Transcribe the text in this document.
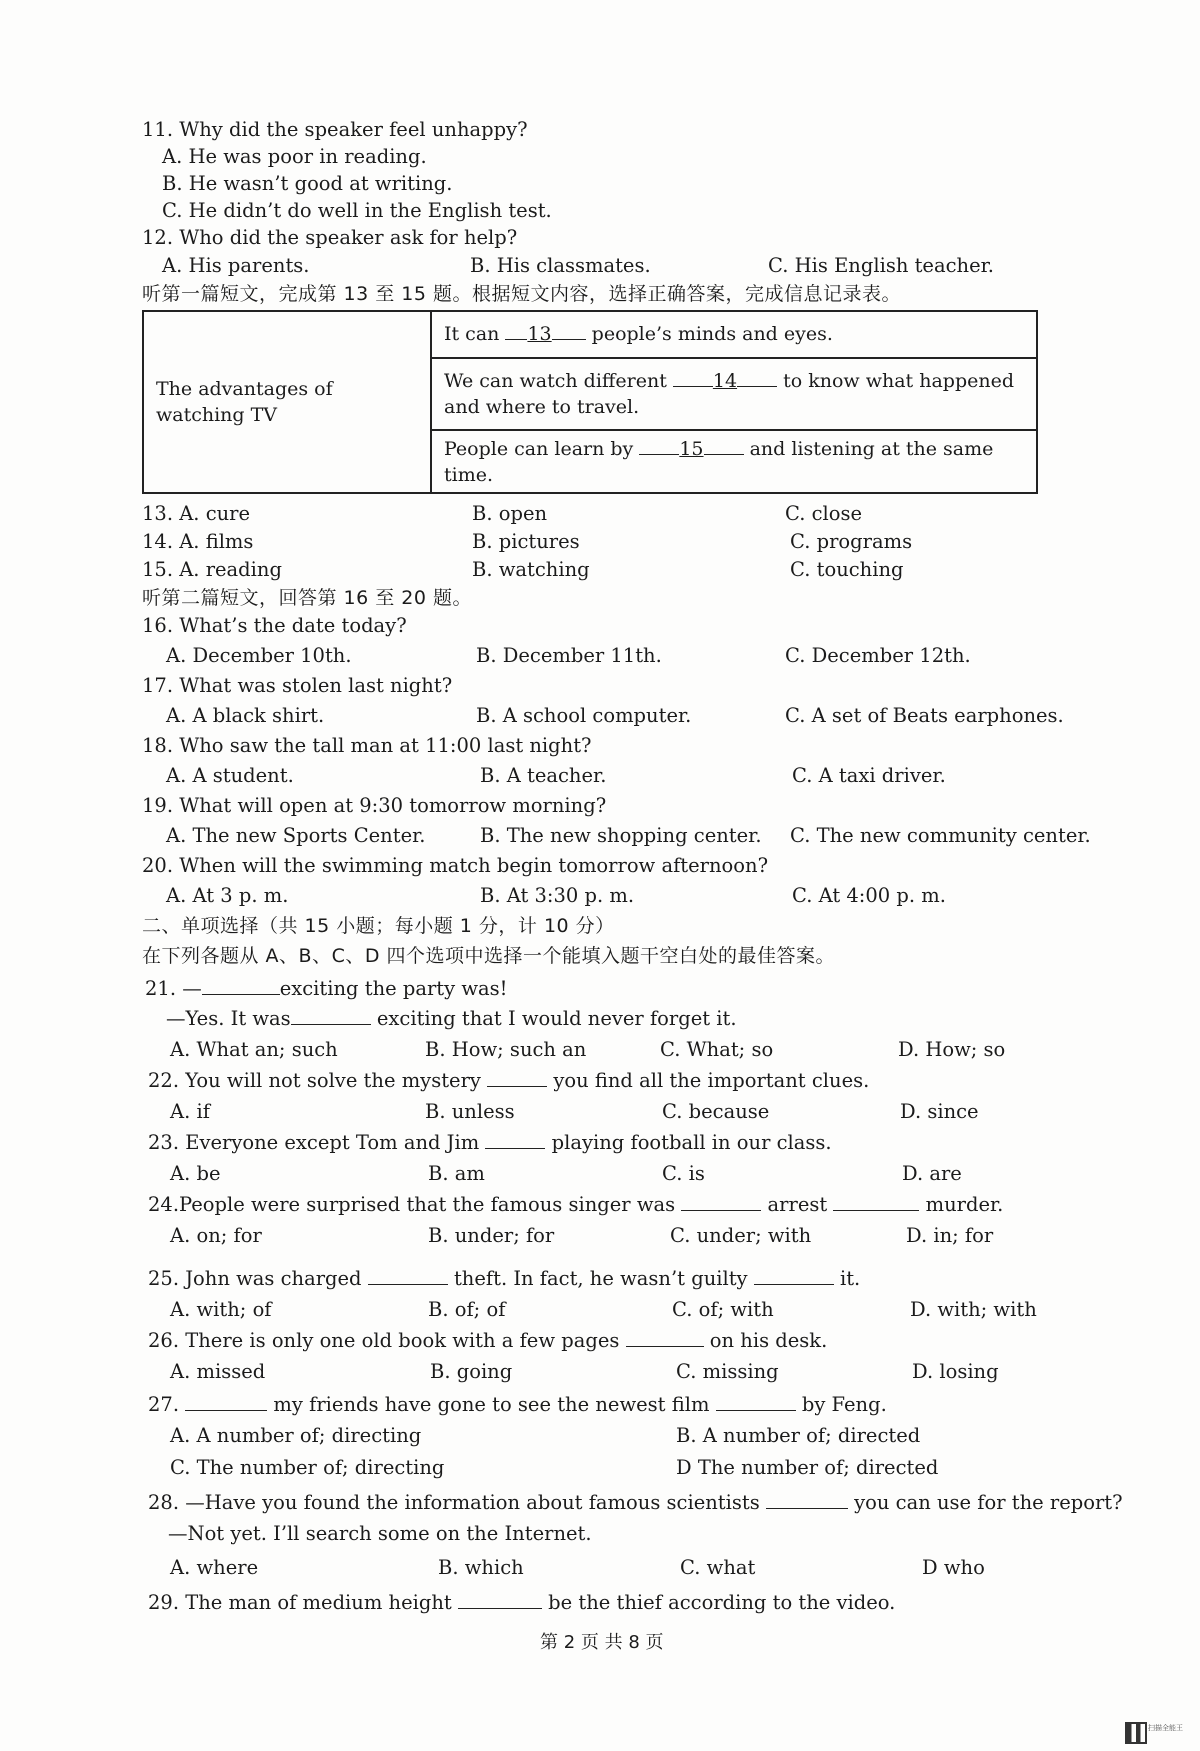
11. Why did the speaker feel unhappy?
A. He was poor in reading.
B. He wasn’t good at writing.
C. He didn’t do well in the English test.
12. Who did the speaker ask for help?
A. His parents.	B. His classmates.	C. His English teacher.
听第一篇短文，完成第 13 至 15 题。根据短文内容，选择正确答案，完成信息记录表。
The advantages of watching TV	It can 13 people’s minds and eyes.
We can watch different 14 to know what happened and where to travel.
People can learn by 15 and listening at the same time.
13. A. cure	B. open	C. close
14. A. films	B. pictures	C. programs
15. A. reading	B. watching	C. touching
听第二篇短文，回答第 16 至 20 题。
16. What’s the date today?
A. December 10th.	B. December 11th.	C. December 12th.
17. What was stolen last night?
A. A black shirt.	B. A school computer.	C. A set of Beats earphones.
18. Who saw the tall man at 11:00 last night?
A. A student.	B. A teacher.	C. A taxi driver.
19. What will open at 9:30 tomorrow morning?
A. The new Sports Center.	B. The new shopping center. C. The new community center.
20. When will the swimming match begin tomorrow afternoon?
A. At 3 p. m.	B. At 3:30 p. m.	C. At 4:00 p. m.
二、单项选择（共 15 小题；每小题 1 分，计 10 分）
在下列各题从 A、B、C、D 四个选项中选择一个能填入题干空白处的最佳答案。
21. —	exciting the party was!
—Yes. It was	exciting that I would never forget it.
A. What an; such	B. How; such an	C. What; so	D. How; so
22. You will not solve the mystery	you find all the important clues.
A. if	B. unless	C. because	D. since
23. Everyone except Tom and Jim	playing football in our class.
A. be	B. am	C. is	D. are
24.People were surprised that the famous singer was	arrest	murder.
A. on; for	B. under; for	C. under; with	D. in; for
25. John was charged	theft. In fact, he wasn’t guilty	it.
A. with; of	B. of; of	C. of; with	D. with; with
26. There is only one old book with a few pages	on his desk.
A. missed	B. going	C. missing	D. losing
27.	my friends have gone to see the newest film	by Feng.
A. A number of; directing	B. A number of; directed
C. The number of; directing	D The number of; directed
28. —Have you found the information about famous scientists	you can use for the report?
—Not yet. I’ll search some on the Internet.
A. where	B. which	C. what	D who
29. The man of medium height	be the thief according to the video.
第 2 页 共 8 页
扫描全能王
